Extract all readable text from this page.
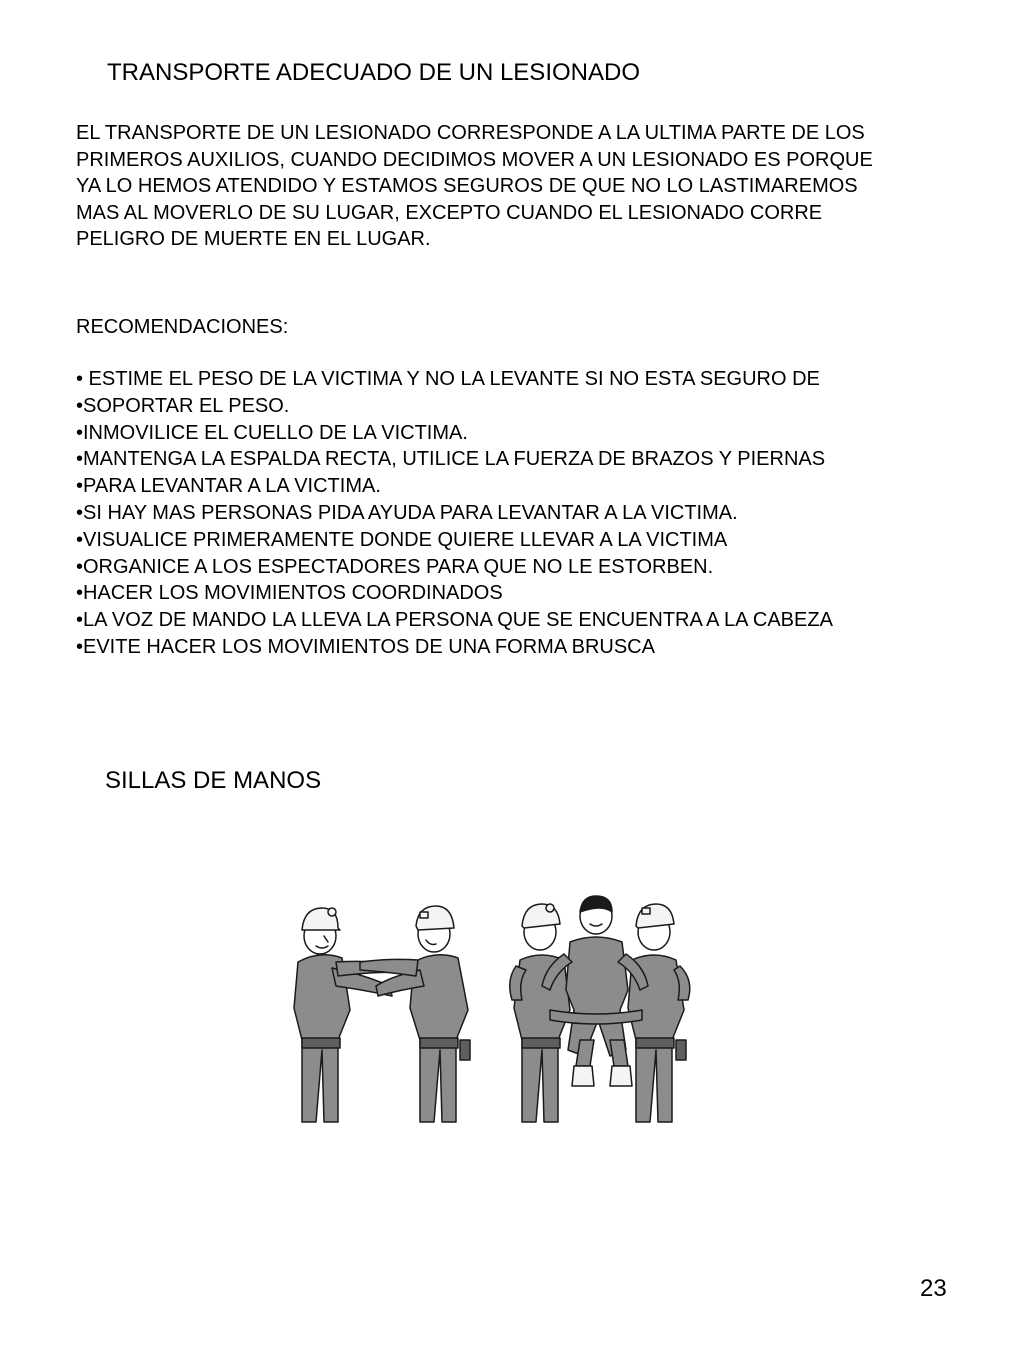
TRANSPORTE ADECUADO DE UN LESIONADO
EL TRANSPORTE DE UN LESIONADO CORRESPONDE A LA ULTIMA PARTE DE LOS
PRIMEROS AUXILIOS, CUANDO DECIDIMOS MOVER A UN LESIONADO ES PORQUE
YA LO HEMOS ATENDIDO Y ESTAMOS SEGUROS DE QUE NO LO LASTIMAREMOS
MAS AL MOVERLO DE SU LUGAR, EXCEPTO CUANDO EL LESIONADO CORRE
PELIGRO DE MUERTE EN EL LUGAR.

RECOMENDACIONES:

• ESTIME EL PESO DE LA VICTIMA Y NO LA LEVANTE SI NO ESTA SEGURO DE
•SOPORTAR EL PESO.
•INMOVILICE EL CUELLO DE LA VICTIMA.
•MANTENGA LA ESPALDA RECTA, UTILICE LA FUERZA DE BRAZOS Y PIERNAS
•PARA LEVANTAR A LA VICTIMA.
•SI HAY MAS PERSONAS PIDA AYUDA PARA LEVANTAR A LA VICTIMA.
•VISUALICE PRIMERAMENTE DONDE QUIERE LLEVAR A LA VICTIMA
•ORGANICE A LOS ESPECTADORES PARA QUE NO LE ESTORBEN.
•HACER LOS MOVIMIENTOS COORDINADOS
•LA VOZ DE MANDO LA LLEVA LA PERSONA QUE SE ENCUENTRA A LA CABEZA
•EVITE HACER LOS MOVIMIENTOS DE UNA FORMA BRUSCA
SILLAS DE MANOS
23
